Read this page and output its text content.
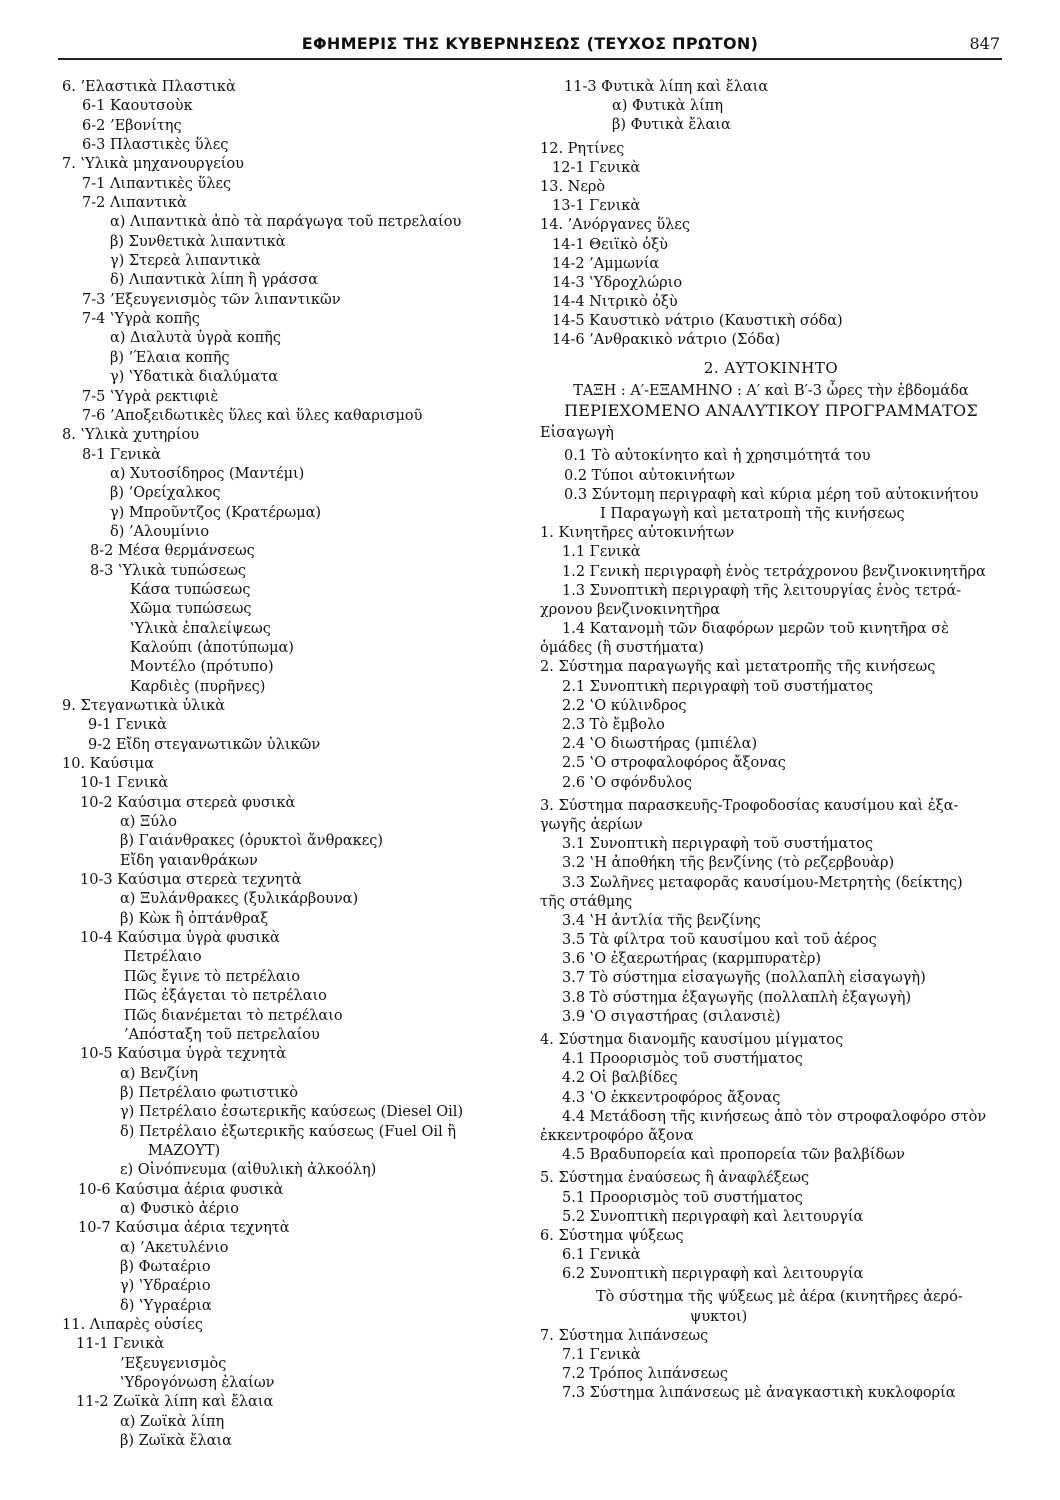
ΕΦΗΜΕΡΙΣ ΤΗΣ ΚΥΒΕΡΝΗΣΕΩΣ (ΤΕΥΧΟΣ ΠΡΩΤΟΝ)	847
6. ’Ελαστικὰ Πλαστικὰ
6-1 Καουτσοὺκ
6-2 ’Εβονίτης
6-3 Πλαστικὲς ὕλες
7. ‛Υλικὰ μηχανουργείου
7-1 Λιπαντικὲς ὕλες
7-2 Λιπαντικὰ
α) Λιπαντικὰ ἀπὸ τὰ παράγωγα τοῦ πετρελαίου
β) Συνθετικὰ λιπαντικὰ
γ) Στερεὰ λιπαντικὰ
δ) Λιπαντικὰ λίπη ἢ γράσσα
7-3 ’Εξευγενισμὸς τῶν λιπαντικῶν
7-4 ‛Υγρὰ κοπῆς
α) Διαλυτὰ ὑγρὰ κοπῆς
β) ’Έλαια κοπῆς
γ) ‛Υδατικὰ διαλύματα
7-5 ‛Υγρὰ ρεκτιφιὲ
7-6 ’Αποξειδωτικὲς ὕλες καὶ ὕλες καθαρισμοῦ
8. ‛Υλικὰ χυτηρίου
8-1 Γενικὰ
α) Χυτοσίδηρος (Μαντέμι)
β) ’Ορείχαλκος
γ) Μπροῦντζος (Κρατέρωμα)
δ) ’Αλουμίνιο
8-2 Μέσα θερμάνσεως
8-3 ‛Υλικὰ τυπώσεως
Κάσα τυπώσεως
Χῶμα τυπώσεως
‛Υλικὰ ἐπαλείψεως
Καλούπι (ἀποτύπωμα)
Μοντέλο (πρότυπο)
Καρδιὲς (πυρῆνες)
9. Στεγανωτικὰ ὑλικὰ
9-1 Γενικὰ
9-2 Εἴδη στεγανωτικῶν ὑλικῶν
10. Καύσιμα
10-1 Γενικὰ
10-2 Καύσιμα στερεὰ φυσικὰ
α) Ξύλο
β) Γαιάνθρακες (ὀρυκτοὶ ἄνθρακες)
Εἴδη γαιανθράκων
10-3 Καύσιμα στερεὰ τεχνητὰ
α) Ξυλάνθρακες (ξυλικάρβουνα)
β) Κὼκ ἢ ὀπτάνθραξ
10-4 Καύσιμα ὑγρὰ φυσικὰ
Πετρέλαιο
Πῶς ἔγινε τὸ πετρέλαιο
Πῶς ἐξάγεται τὸ πετρέλαιο
Πῶς διανέμεται τὸ πετρέλαιο
’Απόσταξη τοῦ πετρελαίου
10-5 Καύσιμα ὑγρὰ τεχνητὰ
α) Βενζίνη
β) Πετρέλαιο φωτιστικὸ
γ) Πετρέλαιο ἐσωτερικῆς καύσεως (Diesel Oil)
δ) Πετρέλαιο ἐξωτερικῆς καύσεως (Fuel Oil ἢ
ΜΑΖΟΥΤ)
ε) Οἰνόπνευμα (αἰθυλικὴ ἀλκοόλη)
10-6 Καύσιμα ἀέρια φυσικὰ
α) Φυσικὸ ἀέριο
10-7 Καύσιμα ἀέρια τεχνητὰ
α) ’Ακετυλένιο
β) Φωταέριο
γ) ‛Υδραέριο
δ) ‛Υγραέρια
11. Λιπαρὲς οὐσίες
11-1 Γενικὰ
’Εξευγενισμὸς
‛Υδρογόνωση ἐλαίων
11-2 Ζωϊκὰ λίπη καὶ ἔλαια
α) Ζωϊκὰ λίπη
β) Ζωϊκὰ ἔλαια
11-3 Φυτικὰ λίπη καὶ ἔλαια
α) Φυτικὰ λίπη
β) Φυτικὰ ἔλαια
12. Ρητίνες
12-1 Γενικὰ
13. Νερὸ
13-1 Γενικὰ
14. ’Ανόργανες ὕλες
14-1 Θειϊκὸ ὀξὺ
14-2 ’Αμμωνία
14-3 ‛Υδροχλώριο
14-4 Νιτρικὸ ὀξὺ
14-5 Καυστικὸ νάτριο (Καυστικὴ σόδα)
14-6 ’Ανθρακικὸ νάτριο (Σόδα)
2. ΑΥΤΟΚΙΝΗΤΟ
ΤΑΞΗ : Α′-ΕΞΑΜΗΝΟ : Α′ καὶ Β′-3 ὧρες τὴν ἑβδομάδα
ΠΕΡΙΕΧΟΜΕΝΟ ΑΝΑΛΥΤΙΚΟΥ ΠΡΟΓΡΑΜΜΑΤΟΣ
Εἰσαγωγὴ
0.1 Τὸ αὐτοκίνητο καὶ ἡ χρησιμότητά του
0.2 Τύποι αὐτοκινήτων
0.3 Σύντομη περιγραφὴ καὶ κύρια μέρη τοῦ αὐτοκινήτου
Ι Παραγωγὴ καὶ μετατροπὴ τῆς κινήσεως
1. Κινητῆρες αὐτοκινήτων
1.1 Γενικὰ
1.2 Γενικὴ περιγραφὴ ἑνὸς τετράχρονου βενζινοκινητῆρα
1.3 Συνοπτικὴ περιγραφὴ τῆς λειτουργίας ἑνὸς τετρά-
χρονου βενζινοκινητῆρα
1.4 Κατανομὴ τῶν διαφόρων μερῶν τοῦ κινητῆρα σὲ
ὁμάδες (ἢ συστήματα)
2. Σύστημα παραγωγῆς καὶ μετατροπῆς τῆς κινήσεως
2.1 Συνοπτικὴ περιγραφὴ τοῦ συστήματος
2.2 ‛Ο κύλινδρος
2.3 Τὸ ἔμβολο
2.4 ‛Ο διωστήρας (μπιέλα)
2.5 ‛Ο στροφαλοφόρος ἄξονας
2.6 ‛Ο σφόνδυλος
3. Σύστημα παρασκευῆς-Τροφοδοσίας καυσίμου καὶ ἐξα-
γωγῆς ἀερίων
3.1 Συνοπτικὴ περιγραφὴ τοῦ συστήματος
3.2 ‛Η ἀποθήκη τῆς βενζίνης (τὸ ρεζερβουὰρ)
3.3 Σωλῆνες μεταφορᾶς καυσίμου-Μετρητὴς (δείκτης)
τῆς στάθμης
3.4 ‛Η ἀντλία τῆς βενζίνης
3.5 Τὰ φίλτρα τοῦ καυσίμου καὶ τοῦ ἀέρος
3.6 ‛Ο ἐξαερωτήρας (καρμπυρατὲρ)
3.7 Τὸ σύστημα εἰσαγωγῆς (πολλαπλὴ εἰσαγωγὴ)
3.8 Τὸ σύστημα ἐξαγωγῆς (πολλαπλὴ ἐξαγωγὴ)
3.9 ‛Ο σιγαστήρας (σιλανσιὲ)
4. Σύστημα διανομῆς καυσίμου μίγματος
4.1 Προορισμὸς τοῦ συστήματος
4.2 Οἱ βαλβίδες
4.3 ‛Ο ἐκκεντροφόρος ἄξονας
4.4 Μετάδοση τῆς κινήσεως ἀπὸ τὸν στροφαλοφόρο στὸν
ἐκκεντροφόρο ἄξονα
4.5 Βραδυπορεία καὶ προπορεία τῶν βαλβίδων
5. Σύστημα ἐναύσεως ἢ ἀναφλέξεως
5.1 Προορισμὸς τοῦ συστήματος
5.2 Συνοπτικὴ περιγραφὴ καὶ λειτουργία
6. Σύστημα ψύξεως
6.1 Γενικὰ
6.2 Συνοπτικὴ περιγραφὴ καὶ λειτουργία
Τὸ σύστημα τῆς ψύξεως μὲ ἀέρα (κινητῆρες ἀερό-
ψυκτοι)
7. Σύστημα λιπάνσεως
7.1 Γενικὰ
7.2 Τρόπος λιπάνσεως
7.3 Σύστημα λιπάνσεως μὲ ἀναγκαστικὴ κυκλοφορία
